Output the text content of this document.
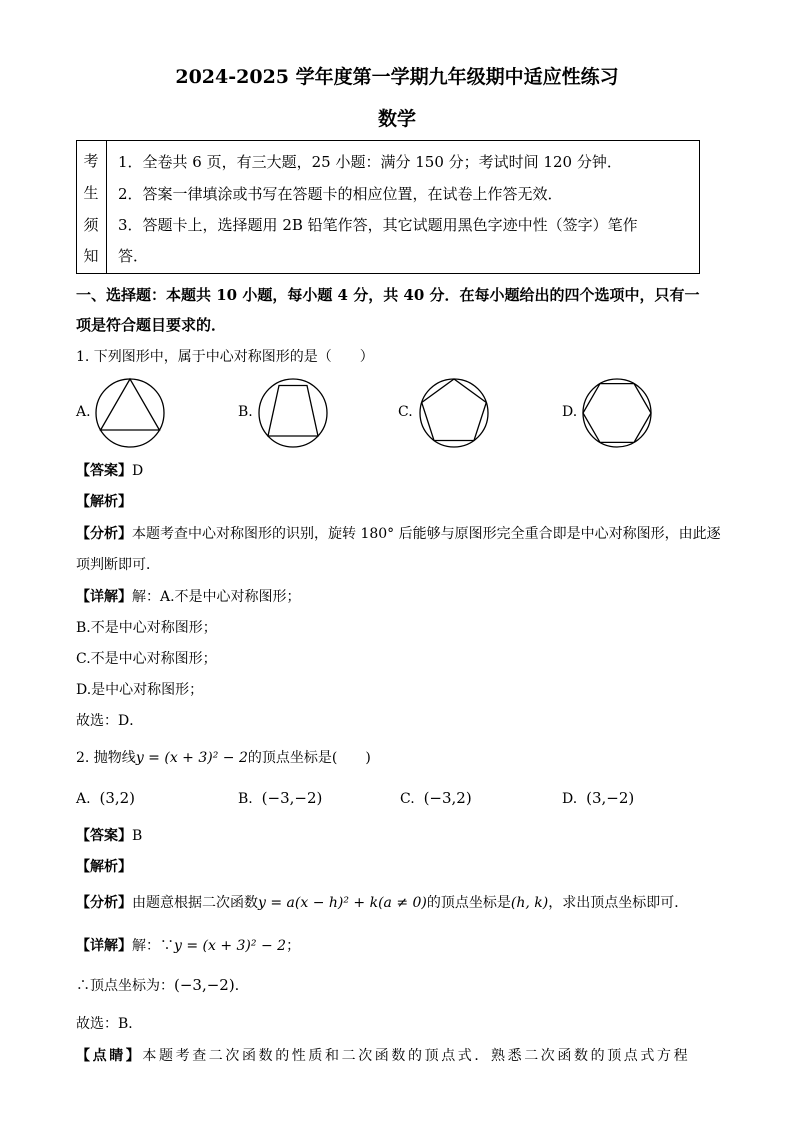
2024-2025 学年度第一学期九年级期中适应性练习
数学
考
生
须
知
1．全卷共 6 页，有三大题，25 小题：满分 150 分；考试时间 120 分钟．
2．答案一律填涂或书写在答题卡的相应位置，在试卷上作答无效．
3．答题卡上，选择题用 2B 铅笔作答，其它试题用黑色字迹中性（签字）笔作
答．
一、选择题：本题共 10 小题，每小题 4 分，共 40 分．在每小题给出的四个选项中，只有一
项是符合题目要求的．
1. 下列图形中，属于中心对称图形的是（　　）
A.	B.	C.	D.
【答案】D
【解析】
【分析】本题考查中心对称图形的识别，旋转 180° 后能够与原图形完全重合即是中心对称图形，由此逐
项判断即可．
【详解】解：A.不是中心对称图形；
B.不是中心对称图形；
C.不是中心对称图形；
D.是中心对称图形；
故选：D．
2. 抛物线y = (x + 3)² − 2的顶点坐标是(　　)
A. (3,2)	B. (−3,−2)	C. (−3,2)	D. (3,−2)
【答案】B
【解析】
【分析】由题意根据二次函数y = a(x − h)² + k(a ≠ 0)的顶点坐标是(h, k)，求出顶点坐标即可．
【详解】解：∵y = (x + 3)² − 2；
∴顶点坐标为：(−3,−2)．
故选：B．
【点睛】本题考查二次函数的性质和二次函数的顶点式．熟悉二次函数的顶点式方程
